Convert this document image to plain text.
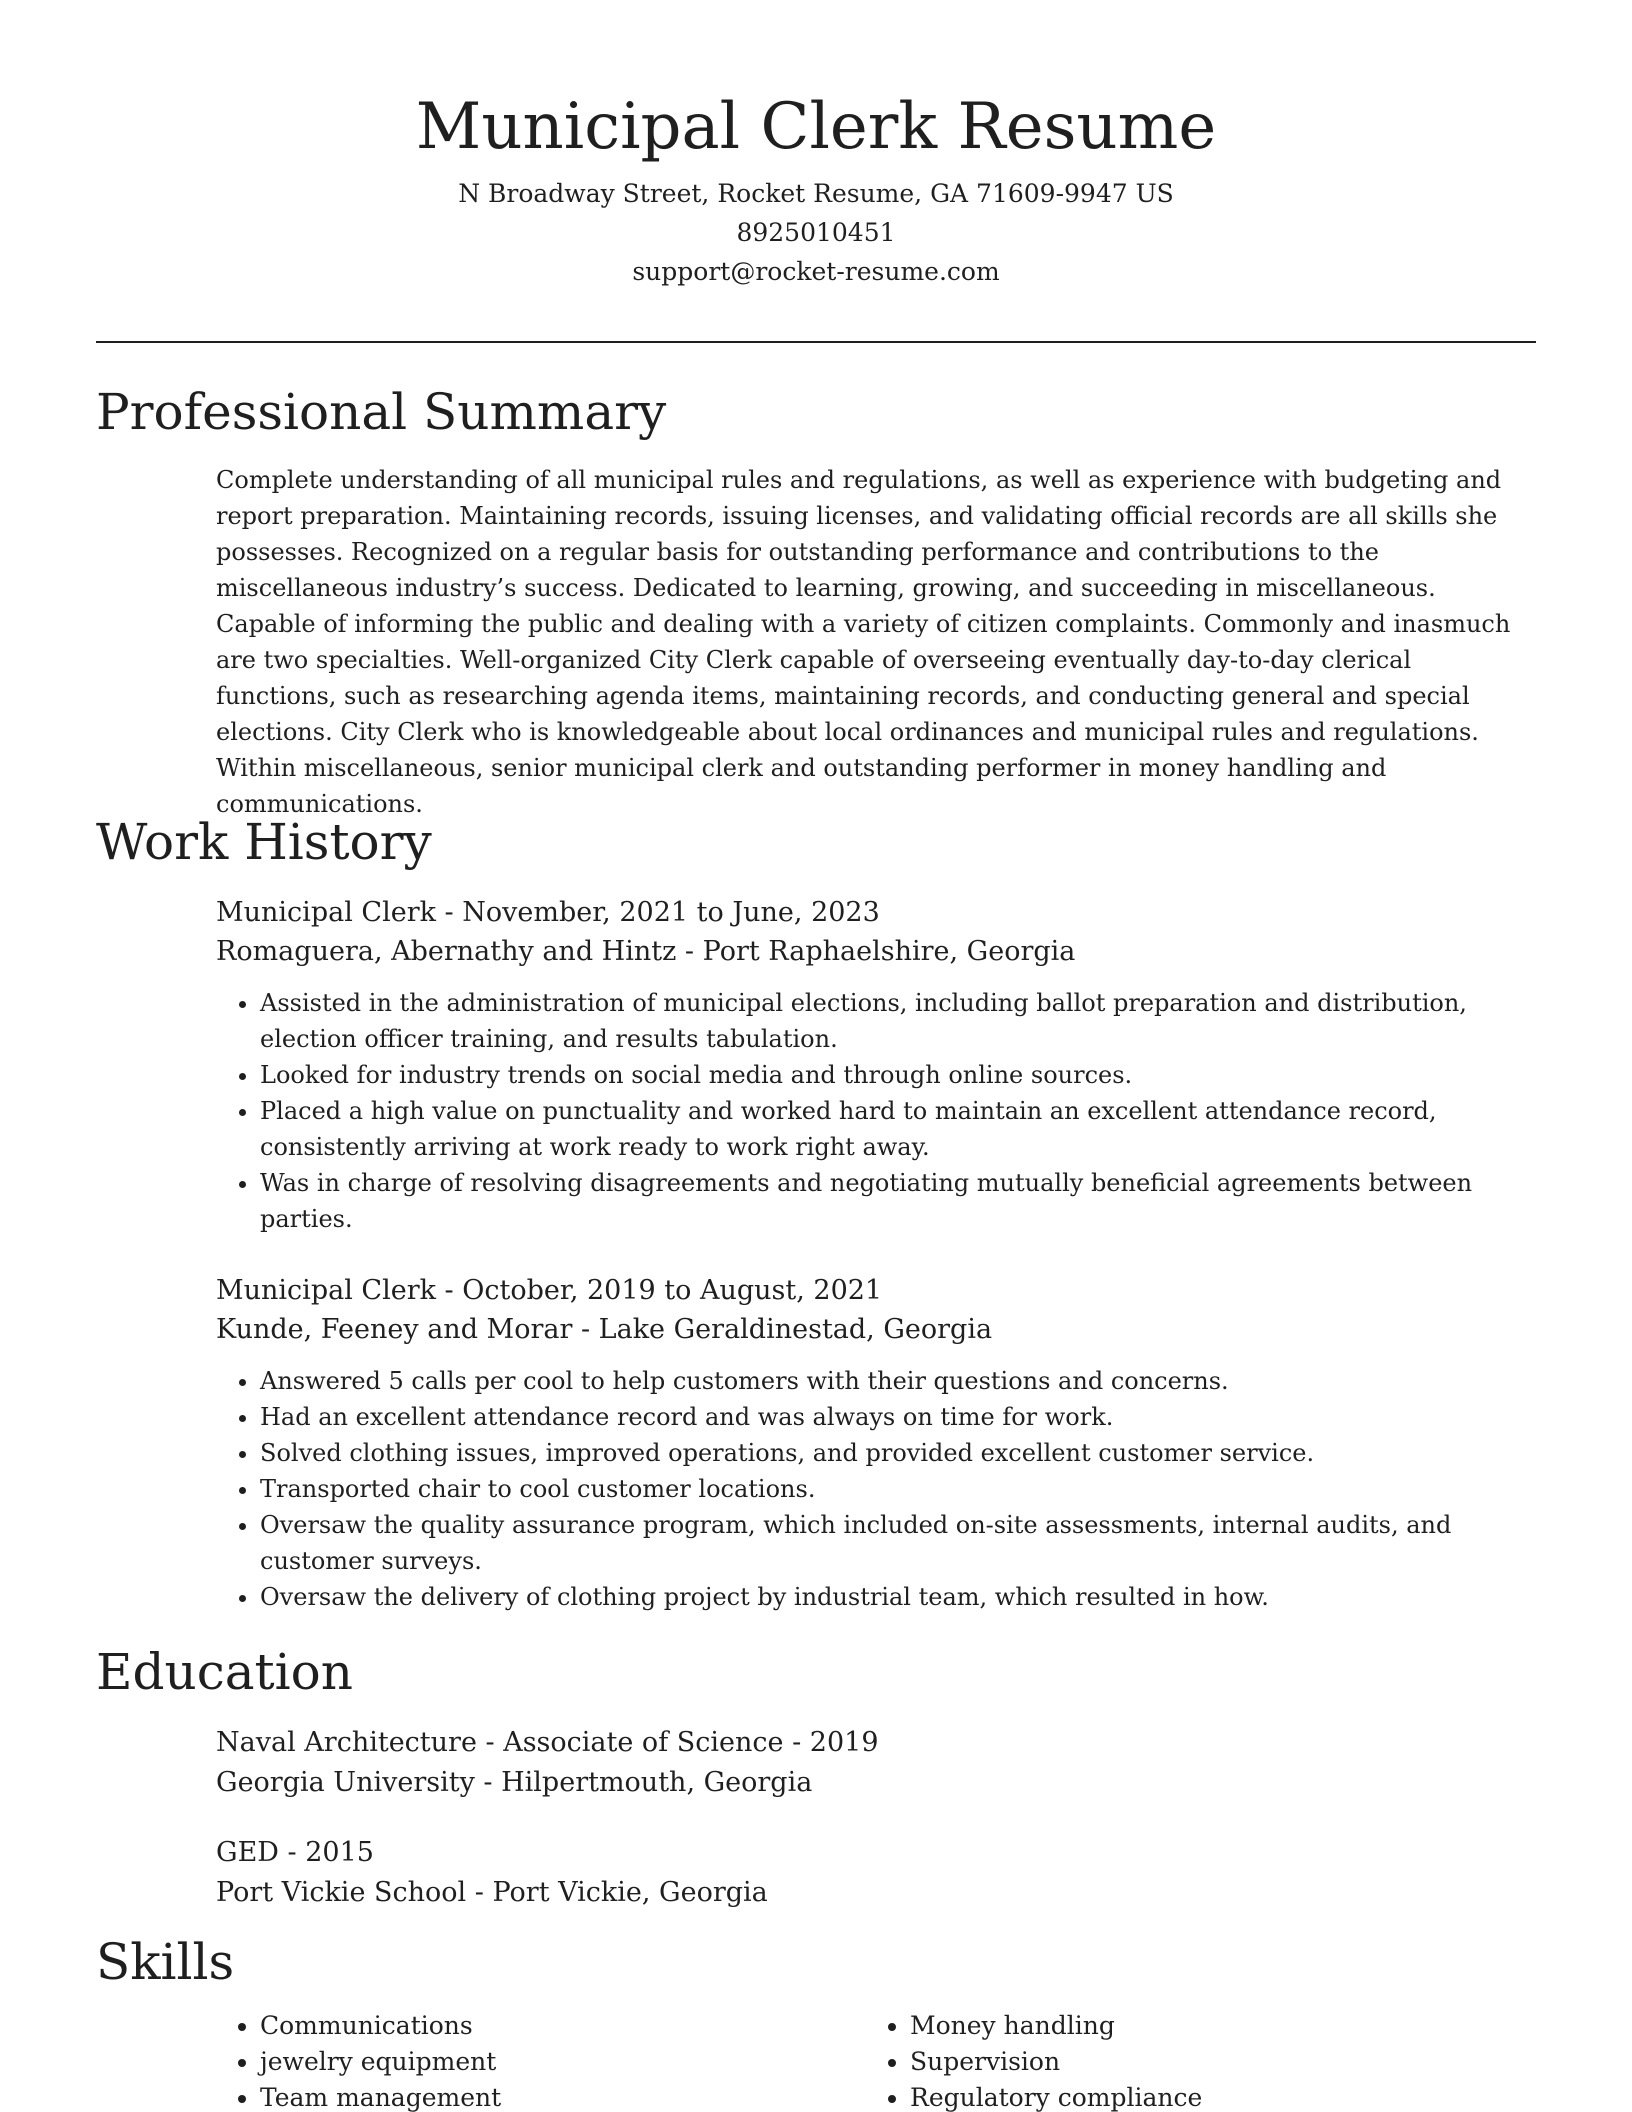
Municipal Clerk Resume
N Broadway Street, Rocket Resume, GA 71609-9947 US
8925010451
support@rocket-resume.com
Professional Summary

Complete understanding of all municipal rules and regulations, as well as experience with budgeting and report preparation. Maintaining records, issuing licenses, and validating official records are all skills she possesses. Recognized on a regular basis for outstanding performance and contributions to the miscellaneous industry’s success. Dedicated to learning, growing, and succeeding in miscellaneous. Capable of informing the public and dealing with a variety of citizen complaints. Commonly and inasmuch are two specialties. Well-organized City Clerk capable of overseeing eventually day-to-day clerical functions, such as researching agenda items, maintaining records, and conducting general and special elections. City Clerk who is knowledgeable about local ordinances and municipal rules and regulations. Within miscellaneous, senior municipal clerk and outstanding performer in money handling and communications.

Work History
Municipal Clerk - November, 2021 to June, 2023
Romaguera, Abernathy and Hintz - Port Raphaelshire, Georgia
• Assisted in the administration of municipal elections, including ballot preparation and distribution, election officer training, and results tabulation.
• Looked for industry trends on social media and through online sources.
• Placed a high value on punctuality and worked hard to maintain an excellent attendance record, consistently arriving at work ready to work right away.
• Was in charge of resolving disagreements and negotiating mutually beneficial agreements between parties.
Municipal Clerk - October, 2019 to August, 2021
Kunde, Feeney and Morar - Lake Geraldinestad, Georgia
• Answered 5 calls per cool to help customers with their questions and concerns.
• Had an excellent attendance record and was always on time for work.
• Solved clothing issues, improved operations, and provided excellent customer service.
• Transported chair to cool customer locations.
• Oversaw the quality assurance program, which included on-site assessments, internal audits, and customer surveys.
• Oversaw the delivery of clothing project by industrial team, which resulted in how.
Education
Naval Architecture - Associate of Science - 2019
Georgia University - Hilpertmouth, Georgia
GED - 2015
Port Vickie School - Port Vickie, Georgia
Skills
• Communications
• jewelry equipment
• Team management
• Money handling
• Supervision
• Regulatory compliance
